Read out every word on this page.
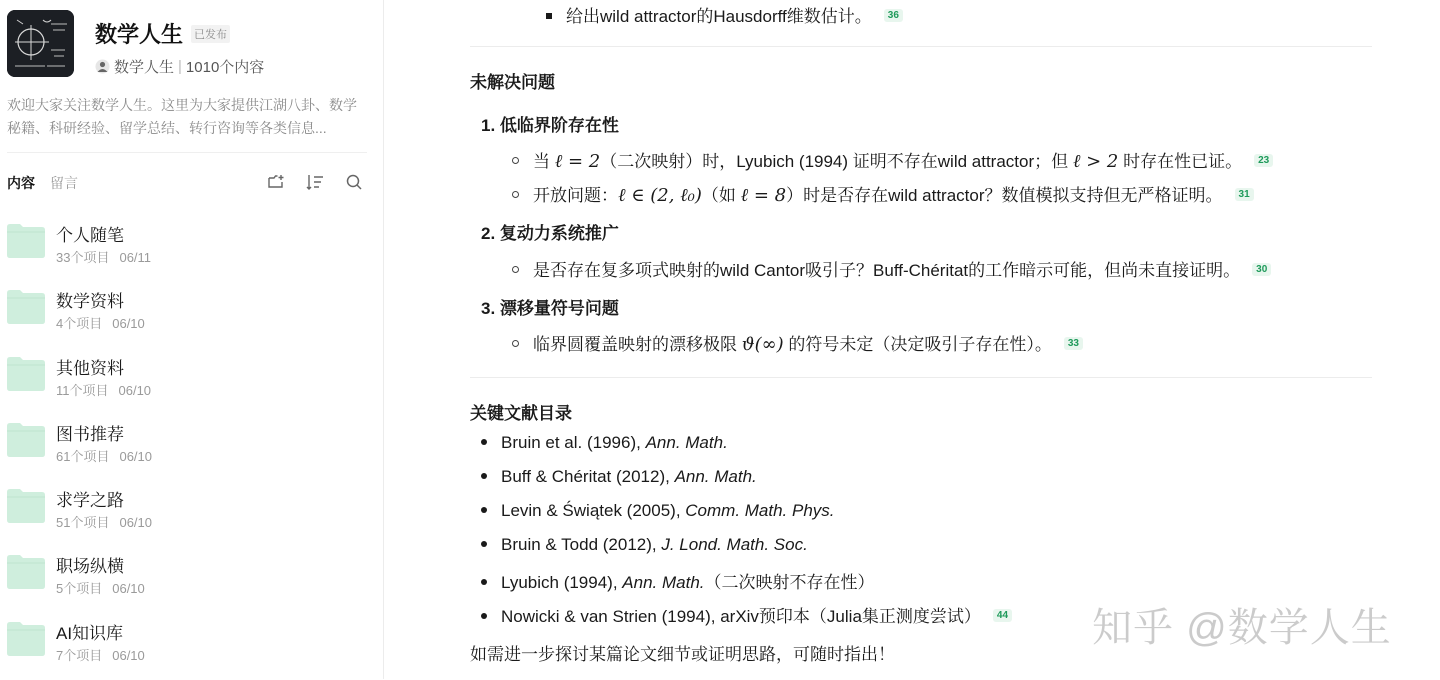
数学人生 已发布
数学人生 | 1010个内容
欢迎大家关注数学人生。这里为大家提供江湖八卦、数学秘籍、科研经验、留学总结、转行咨询等各类信息...
内容 留言
个人随笔
33个项目 06/11
数学资料
4个项目 06/10
其他资料
11个项目 06/10
图书推荐
61个项目 06/10
求学之路
51个项目 06/10
职场纵横
5个项目 06/10
AI知识库
7个项目 06/10
给出wild attractor的Hausdorff维数估计。 36
未解决问题
1. 低临界阶存在性
当 ℓ = 2（二次映射）时，Lyubich (1994) 证明不存在wild attractor；但 ℓ > 2 时存在性已证。 23
开放问题：ℓ ∈ (2, ℓ₀)（如 ℓ = 8）时是否存在wild attractor？数值模拟支持但无严格证明。 31
2. 复动力系统推广
是否存在复多项式映射的wild Cantor吸引子？Buff-Chéritat的工作暗示可能，但尚未直接证明。 30
3. 漂移量符号问题
临界圆覆盖映射的漂移极限 ϑ(∞) 的符号未定（决定吸引子存在性）。 33
关键文献目录
Bruin et al. (1996), Ann. Math.
Buff & Chéritat (2012), Ann. Math.
Levin & Świątek (2005), Comm. Math. Phys.
Bruin & Todd (2012), J. Lond. Math. Soc.
Lyubich (1994), Ann. Math.（二次映射不存在性）
Nowicki & van Strien (1994), arXiv预印本（Julia集正测度尝试） 44
如需进一步探讨某篇论文细节或证明思路，可随时指出！
知乎 @数学人生
